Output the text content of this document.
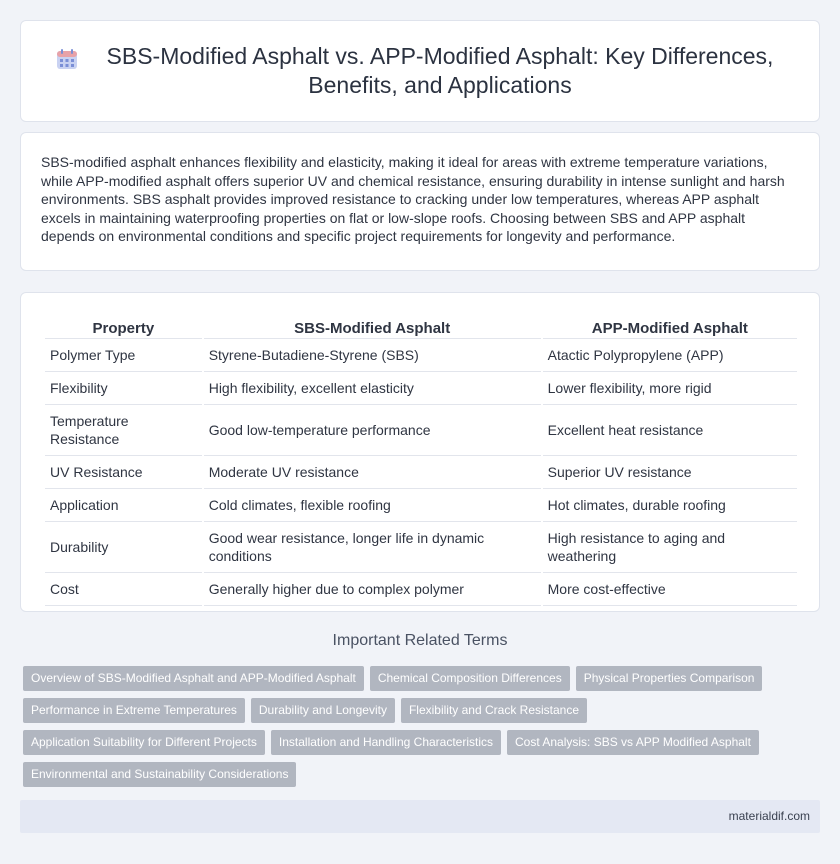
SBS-Modified Asphalt vs. APP-Modified Asphalt: Key Differences, Benefits, and Applications

SBS-modified asphalt enhances flexibility and elasticity, making it ideal for areas with extreme temperature variations, while APP-modified asphalt offers superior UV and chemical resistance, ensuring durability in intense sunlight and harsh environments. SBS asphalt provides improved resistance to cracking under low temperatures, whereas APP asphalt excels in maintaining waterproofing properties on flat or low-slope roofs. Choosing between SBS and APP asphalt depends on environmental conditions and specific project requirements for longevity and performance.

Property	SBS-Modified Asphalt	APP-Modified Asphalt
Polymer Type	Styrene-Butadiene-Styrene (SBS)	Atactic Polypropylene (APP)
Flexibility	High flexibility, excellent elasticity	Lower flexibility, more rigid
Temperature Resistance	Good low-temperature performance	Excellent heat resistance
UV Resistance	Moderate UV resistance	Superior UV resistance
Application	Cold climates, flexible roofing	Hot climates, durable roofing
Durability	Good wear resistance, longer life in dynamic conditions	High resistance to aging and weathering
Cost	Generally higher due to complex polymer	More cost-effective
Important Related Terms
Overview of SBS-Modified Asphalt and APP-Modified Asphalt	Chemical Composition Differences	Physical Properties Comparison
Performance in Extreme Temperatures	Durability and Longevity	Flexibility and Crack Resistance
Application Suitability for Different Projects	Installation and Handling Characteristics	Cost Analysis: SBS vs APP Modified Asphalt
Environmental and Sustainability Considerations
materialdif.com
